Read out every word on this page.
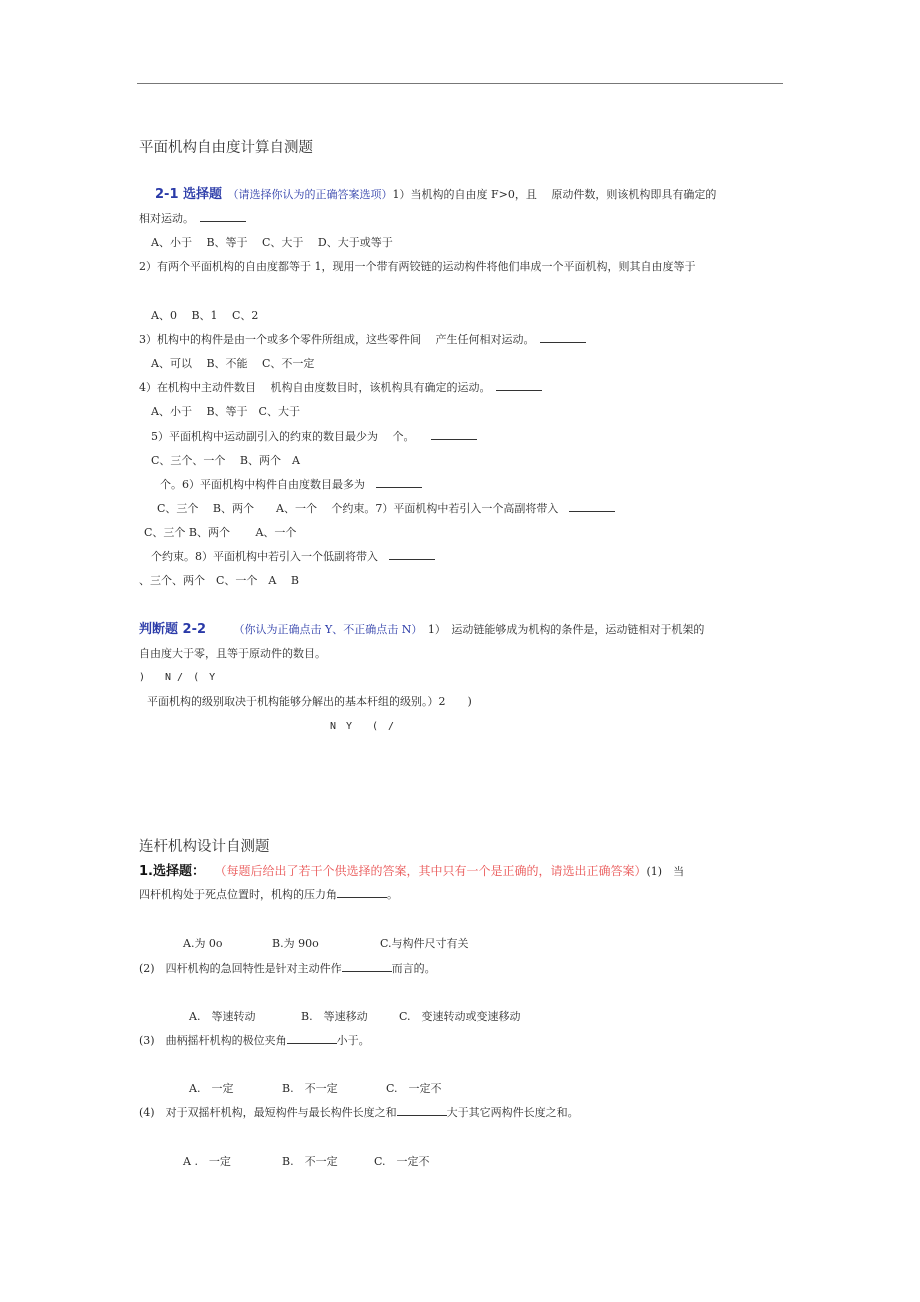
平面机构自由度计算自测题
2-1 选择题　 （请选择你认为的正确答案选项）1）当机构的自由度 F>0，且　 原动件数，则该机构即具有确定的
相对运动。　
A、小于　 B、等于　 C、大于　 D、大于或等于
2）有两个平面机构的自由度都等于 1，现用一个带有两铰链的运动构件将他们串成一个平面机构，则其自由度等于
A、0　 B、1　 C、2
3）机构中的构件是由一个或多个零件所组成，这些零件间　 产生任何相对运动。　
A、可以　 B、不能　 C、不一定
4）在机构中主动件数目　 机构自由度数目时，该机构具有确定的运动。　
A、小于　 B、等于　C、大于
5）平面机构中运动副引入的约束的数目最少为　 个。　　
C、三个、一个　 B、两个　A
个。6）平面机构中构件自由度数目最多为　
C、三个　 B、两个　　A、一个　 个约束。7）平面机构中若引入一个高副将带入　
C、三个 B、两个　　 A、一个
个约束。8）平面机构中若引入一个低副将带入　
、三个、两个　C、一个　A　 B
判断题 2-2　　　	（你认为正确点击 Y、不正确点击 N）　 1）　运动链能够成为机构的条件是，运动链相对于机架的
自由度大于零，且等于原动件的数目。
)　　N /　(　Y
平面机构的级别取决于机构能够分解出的基本杆组的级别。）2　　)
N　Y　　(　/
连杆机构设计自测题
1.选择题：　　 （每题后给出了若干个供选择的答案，其中只有一个是正确的，请选出正确答案）(1)　当
四杆机构处于死点位置时，机构的压力角	。
A.为 0o	B.为 90o	C.与构件尺寸有关
(2)　四杆机构的急回特性是针对主动件作	而言的。
A.　等速转动	B.　等速移动	C.　变速转动或变速移动
(3)　曲柄摇杆机构的极位夹角	小于。
A.　一定	B.　不一定	C.　一定不
(4)　对于双摇杆机构，最短构件与最长构件长度之和	大于其它两构件长度之和。
A .　一定	B.　不一定	C.　一定不
